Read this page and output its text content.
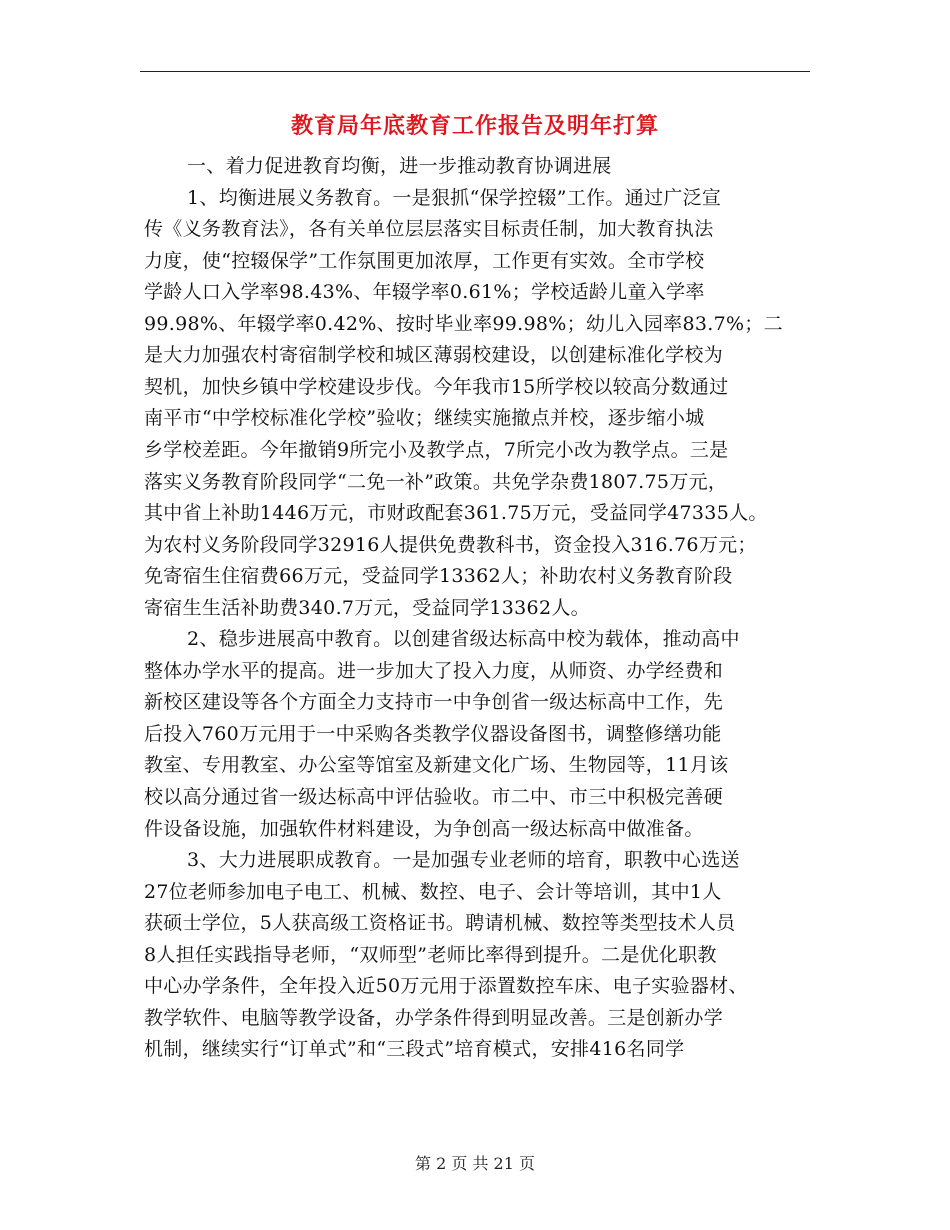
教育局年底教育工作报告及明年打算
一、着力促进教育均衡，进一步推动教育协调进展
1、均衡进展义务教育。一是狠抓“保学控辍”工作。通过广泛宣
传《义务教育法》，各有关单位层层落实目标责任制，加大教育执法
力度，使“控辍保学”工作氛围更加浓厚，工作更有实效。全市学校
学龄人口入学率98.43%、年辍学率0.61%；学校适龄儿童入学率
99.98%、年辍学率0.42%、按时毕业率99.98%；幼儿入园率83.7%；二
是大力加强农村寄宿制学校和城区薄弱校建设，以创建标准化学校为
契机，加快乡镇中学校建设步伐。今年我市15所学校以较高分数通过
南平市“中学校标准化学校”验收；继续实施撤点并校，逐步缩小城
乡学校差距。今年撤销9所完小及教学点，7所完小改为教学点。三是
落实义务教育阶段同学“二免一补”政策。共免学杂费1807.75万元，
其中省上补助1446万元，市财政配套361.75万元，受益同学47335人。
为农村义务阶段同学32916人提供免费教科书，资金投入316.76万元；
免寄宿生住宿费66万元，受益同学13362人；补助农村义务教育阶段
寄宿生生活补助费340.7万元，受益同学13362人。
2、稳步进展高中教育。以创建省级达标高中校为载体，推动高中
整体办学水平的提高。进一步加大了投入力度，从师资、办学经费和
新校区建设等各个方面全力支持市一中争创省一级达标高中工作，先
后投入760万元用于一中采购各类教学仪器设备图书，调整修缮功能
教室、专用教室、办公室等馆室及新建文化广场、生物园等，11月该
校以高分通过省一级达标高中评估验收。市二中、市三中积极完善硬
件设备设施，加强软件材料建设，为争创高一级达标高中做准备。
3、大力进展职成教育。一是加强专业老师的培育，职教中心选送
27位老师参加电子电工、机械、数控、电子、会计等培训，其中1人
获硕士学位，5人获高级工资格证书。聘请机械、数控等类型技术人员
8人担任实践指导老师，“双师型”老师比率得到提升。二是优化职教
中心办学条件，全年投入近50万元用于添置数控车床、电子实验器材、
教学软件、电脑等教学设备，办学条件得到明显改善。三是创新办学
机制，继续实行“订单式”和“三段式”培育模式，安排416名同学
第 2 页 共 21 页
